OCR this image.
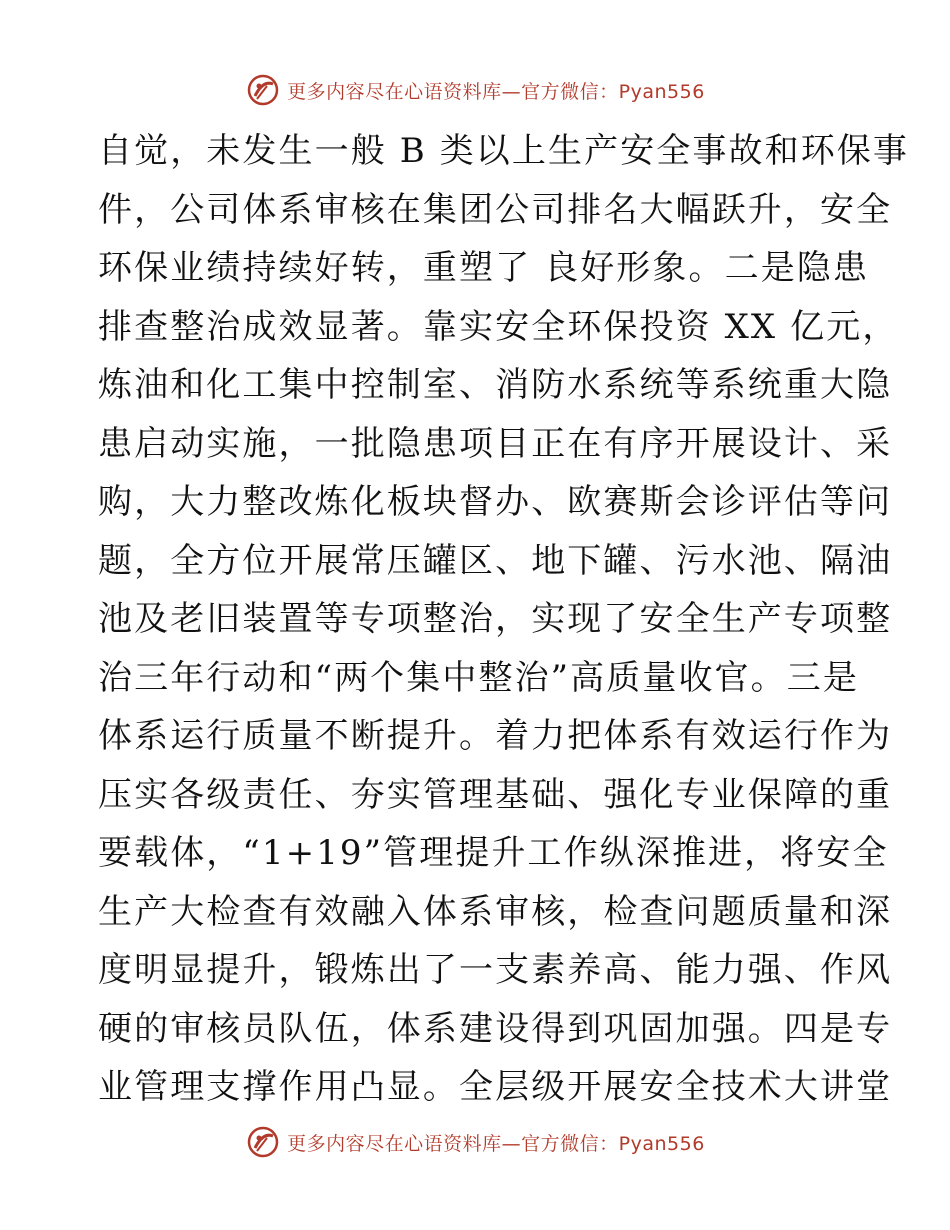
更多内容尽在心语资料库—官方微信：Pyan556
自觉，未发生一般 B 类以上生产安全事故和环保事
件，公司体系审核在集团公司排名大幅跃升，安全
环保业绩持续好转，重塑了 良好形象。二是隐患
排查整治成效显著。靠实安全环保投资 XX 亿元，
炼油和化工集中控制室、消防水系统等系统重大隐
患启动实施，一批隐患项目正在有序开展设计、采
购，大力整改炼化板块督办、欧赛斯会诊评估等问
题，全方位开展常压罐区、地下罐、污水池、隔油
池及老旧装置等专项整治，实现了安全生产专项整
治三年行动和“两个集中整治”高质量收官。三是
体系运行质量不断提升。着力把体系有效运行作为
压实各级责任、夯实管理基础、强化专业保障的重
要载体，“1+19”管理提升工作纵深推进，将安全
生产大检查有效融入体系审核，检查问题质量和深
度明显提升，锻炼出了一支素养高、能力强、作风
硬的审核员队伍，体系建设得到巩固加强。四是专
业管理支撑作用凸显。全层级开展安全技术大讲堂
更多内容尽在心语资料库—官方微信：Pyan556
